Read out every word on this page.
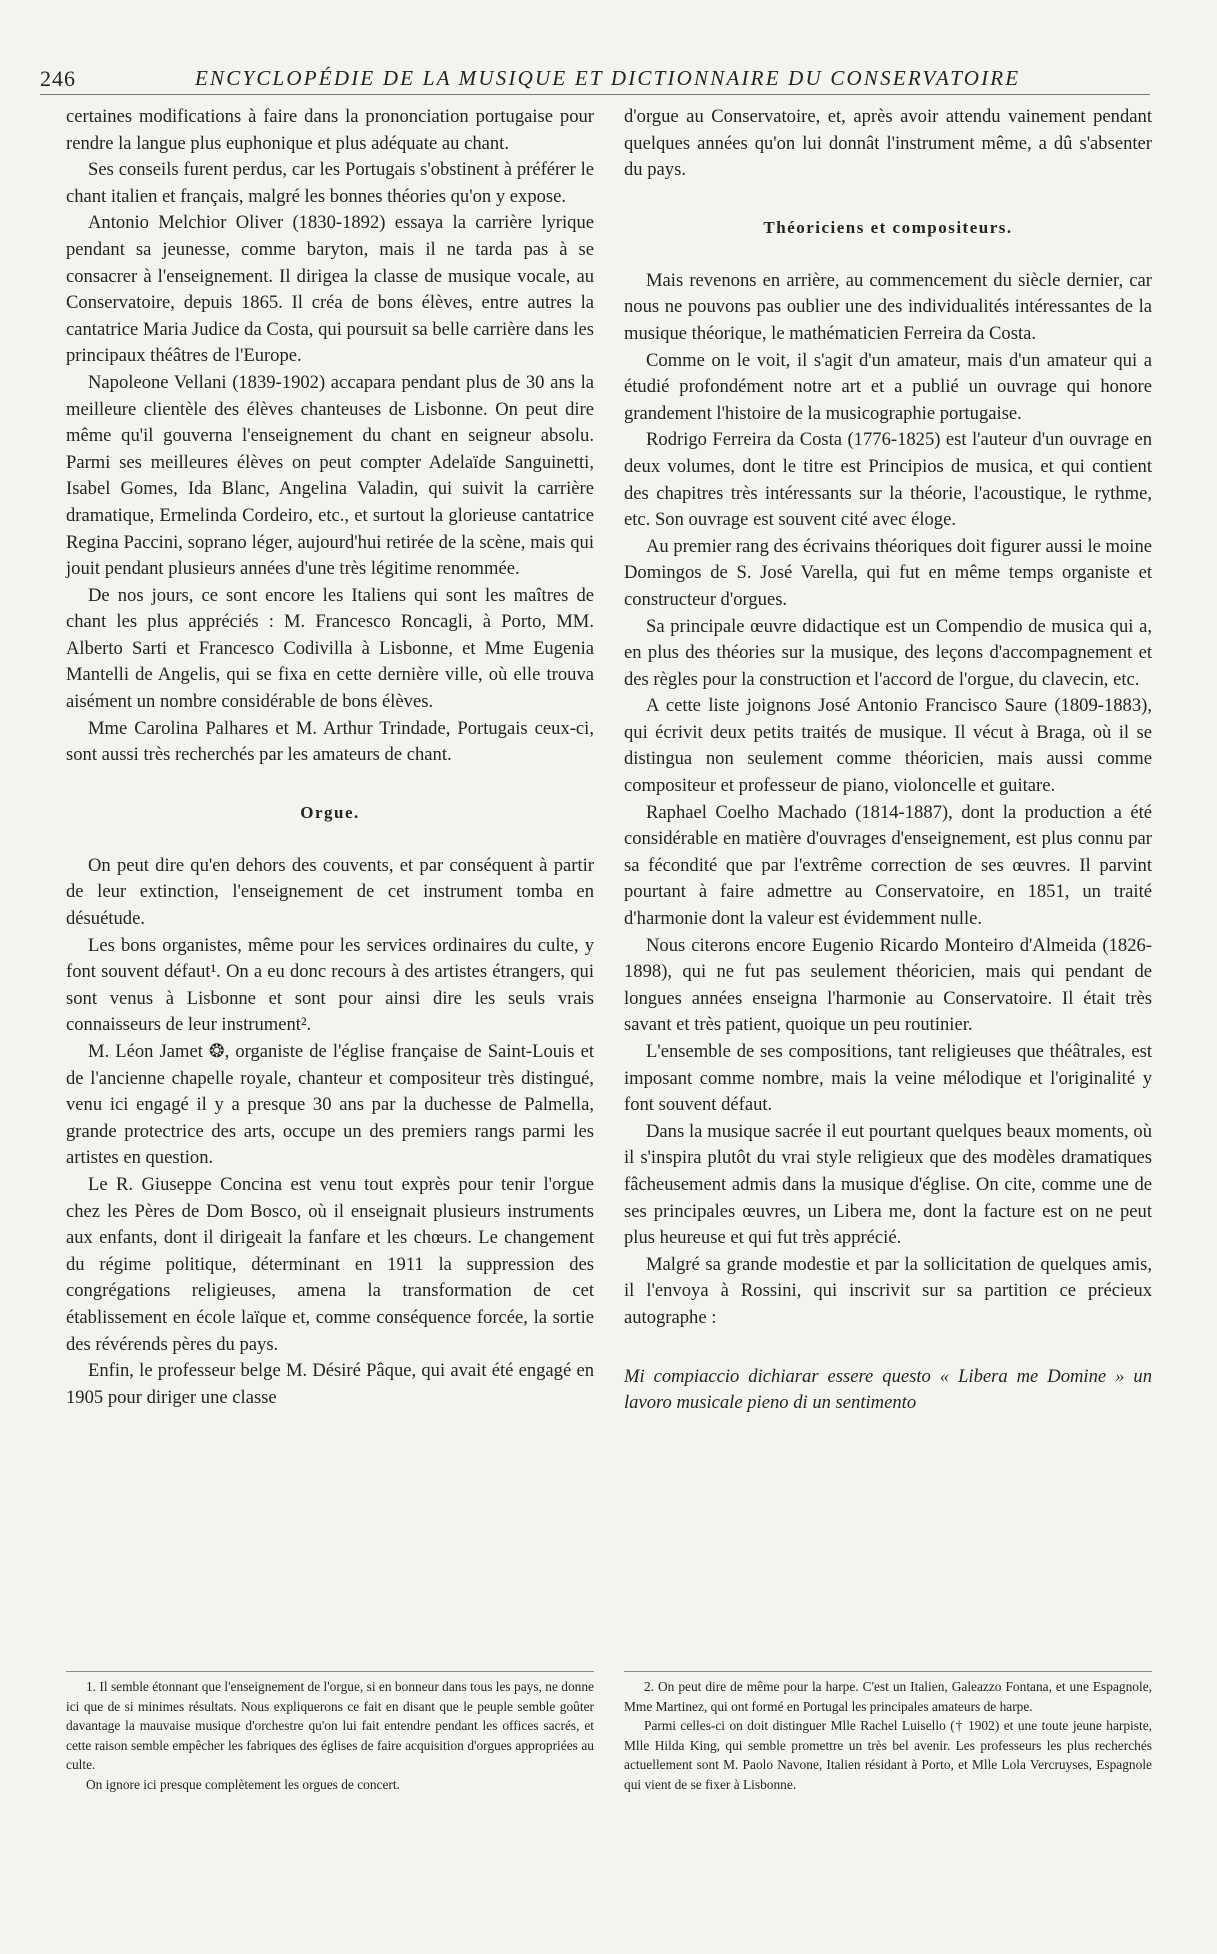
246	ENCYCLOPÉDIE DE LA MUSIQUE ET DICTIONNAIRE DU CONSERVATOIRE

certaines modifications à faire dans la prononciation portugaise pour rendre la langue plus euphonique et plus adéquate au chant.

Ses conseils furent perdus, car les Portugais s'obstinent à préférer le chant italien et français, malgré les bonnes théories qu'on y expose.

Antonio Melchior Oliver (1830-1892) essaya la carrière lyrique pendant sa jeunesse, comme baryton, mais il ne tarda pas à se consacrer à l'enseignement. Il dirigea la classe de musique vocale, au Conservatoire, depuis 1865. Il créa de bons élèves, entre autres la cantatrice Maria Judice da Costa, qui poursuit sa belle carrière dans les principaux théâtres de l'Europe.

Napoleone Vellani (1839-1902) accapara pendant plus de 30 ans la meilleure clientèle des élèves chanteuses de Lisbonne. On peut dire même qu'il gouverna l'enseignement du chant en seigneur absolu. Parmi ses meilleures élèves on peut compter Adelaïde Sanguinetti, Isabel Gomes, Ida Blanc, Angelina Valadin, qui suivit la carrière dramatique, Ermelinda Cordeiro, etc., et surtout la glorieuse cantatrice Regina Paccini, soprano léger, aujourd'hui retirée de la scène, mais qui jouit pendant plusieurs années d'une très légitime renommée.

De nos jours, ce sont encore les Italiens qui sont les maîtres de chant les plus appréciés : M. Francesco Roncagli, à Porto, MM. Alberto Sarti et Francesco Codivilla à Lisbonne, et Mme Eugenia Mantelli de Angelis, qui se fixa en cette dernière ville, où elle trouva aisément un nombre considérable de bons élèves.

Mme Carolina Palhares et M. Arthur Trindade, Portugais ceux-ci, sont aussi très recherchés par les amateurs de chant.

Orgue.

On peut dire qu'en dehors des couvents, et par conséquent à partir de leur extinction, l'enseignement de cet instrument tomba en désuétude.

Les bons organistes, même pour les services ordinaires du culte, y font souvent défaut¹. On a eu donc recours à des artistes étrangers, qui sont venus à Lisbonne et sont pour ainsi dire les seuls vrais connaisseurs de leur instrument².

M. Léon Jamet ❂, organiste de l'église française de Saint-Louis et de l'ancienne chapelle royale, chanteur et compositeur très distingué, venu ici engagé il y a presque 30 ans par la duchesse de Palmella, grande protectrice des arts, occupe un des premiers rangs parmi les artistes en question.

Le R. Giuseppe Concina est venu tout exprès pour tenir l'orgue chez les Pères de Dom Bosco, où il enseignait plusieurs instruments aux enfants, dont il dirigeait la fanfare et les chœurs. Le changement du régime politique, déterminant en 1911 la suppression des congrégations religieuses, amena la transformation de cet établissement en école laïque et, comme conséquence forcée, la sortie des révérends pères du pays.

Enfin, le professeur belge M. Désiré Pâque, qui avait été engagé en 1905 pour diriger une classe

d'orgue au Conservatoire, et, après avoir attendu vainement pendant quelques années qu'on lui donnât l'instrument même, a dû s'absenter du pays.

Théoriciens et compositeurs.

Mais revenons en arrière, au commencement du siècle dernier, car nous ne pouvons pas oublier une des individualités intéressantes de la musique théorique, le mathématicien Ferreira da Costa.

Comme on le voit, il s'agit d'un amateur, mais d'un amateur qui a étudié profondément notre art et a publié un ouvrage qui honore grandement l'histoire de la musicographie portugaise.

Rodrigo Ferreira da Costa (1776-1825) est l'auteur d'un ouvrage en deux volumes, dont le titre est Principios de musica, et qui contient des chapitres très intéressants sur la théorie, l'acoustique, le rythme, etc. Son ouvrage est souvent cité avec éloge.

Au premier rang des écrivains théoriques doit figurer aussi le moine Domingos de S. José Varella, qui fut en même temps organiste et constructeur d'orgues.

Sa principale œuvre didactique est un Compendio de musica qui a, en plus des théories sur la musique, des leçons d'accompagnement et des règles pour la construction et l'accord de l'orgue, du clavecin, etc.

A cette liste joignons José Antonio Francisco Saure (1809-1883), qui écrivit deux petits traités de musique. Il vécut à Braga, où il se distingua non seulement comme théoricien, mais aussi comme compositeur et professeur de piano, violoncelle et guitare.

Raphael Coelho Machado (1814-1887), dont la production a été considérable en matière d'ouvrages d'enseignement, est plus connu par sa fécondité que par l'extrême correction de ses œuvres. Il parvint pourtant à faire admettre au Conservatoire, en 1851, un traité d'harmonie dont la valeur est évidemment nulle.

Nous citerons encore Eugenio Ricardo Monteiro d'Almeida (1826-1898), qui ne fut pas seulement théoricien, mais qui pendant de longues années enseigna l'harmonie au Conservatoire. Il était très savant et très patient, quoique un peu routinier.

L'ensemble de ses compositions, tant religieuses que théâtrales, est imposant comme nombre, mais la veine mélodique et l'originalité y font souvent défaut.

Dans la musique sacrée il eut pourtant quelques beaux moments, où il s'inspira plutôt du vrai style religieux que des modèles dramatiques fâcheusement admis dans la musique d'église. On cite, comme une de ses principales œuvres, un Libera me, dont la facture est on ne peut plus heureuse et qui fut très apprécié.

Malgré sa grande modestie et par la sollicitation de quelques amis, il l'envoya à Rossini, qui inscrivit sur sa partition ce précieux autographe :

Mi compiaccio dichiarar essere questo « Libera me Domine » un lavoro musicale pieno di un sentimento

1. Il semble étonnant que l'enseignement de l'orgue, si en bonneur dans tous les pays, ne donne ici que de si minimes résultats. Nous expliquerons ce fait en disant que le peuple semble goûter davantage la mauvaise musique d'orchestre qu'on lui fait entendre pendant les offices sacrés, et cette raison semble empêcher les fabriques des églises de faire acquisition d'orgues appropriées au culte.

On ignore ici presque complètement les orgues de concert.

2. On peut dire de même pour la harpe. C'est un Italien, Galeazzo Fontana, et une Espagnole, Mme Martinez, qui ont formé en Portugal les principales amateurs de harpe.

Parmi celles-ci on doit distinguer Mlle Rachel Luisello († 1902) et une toute jeune harpiste, Mlle Hilda King, qui semble promettre un très bel avenir. Les professeurs les plus recherchés actuellement sont M. Paolo Navone, Italien résidant à Porto, et Mlle Lola Vercruyses, Espagnole qui vient de se fixer à Lisbonne.
